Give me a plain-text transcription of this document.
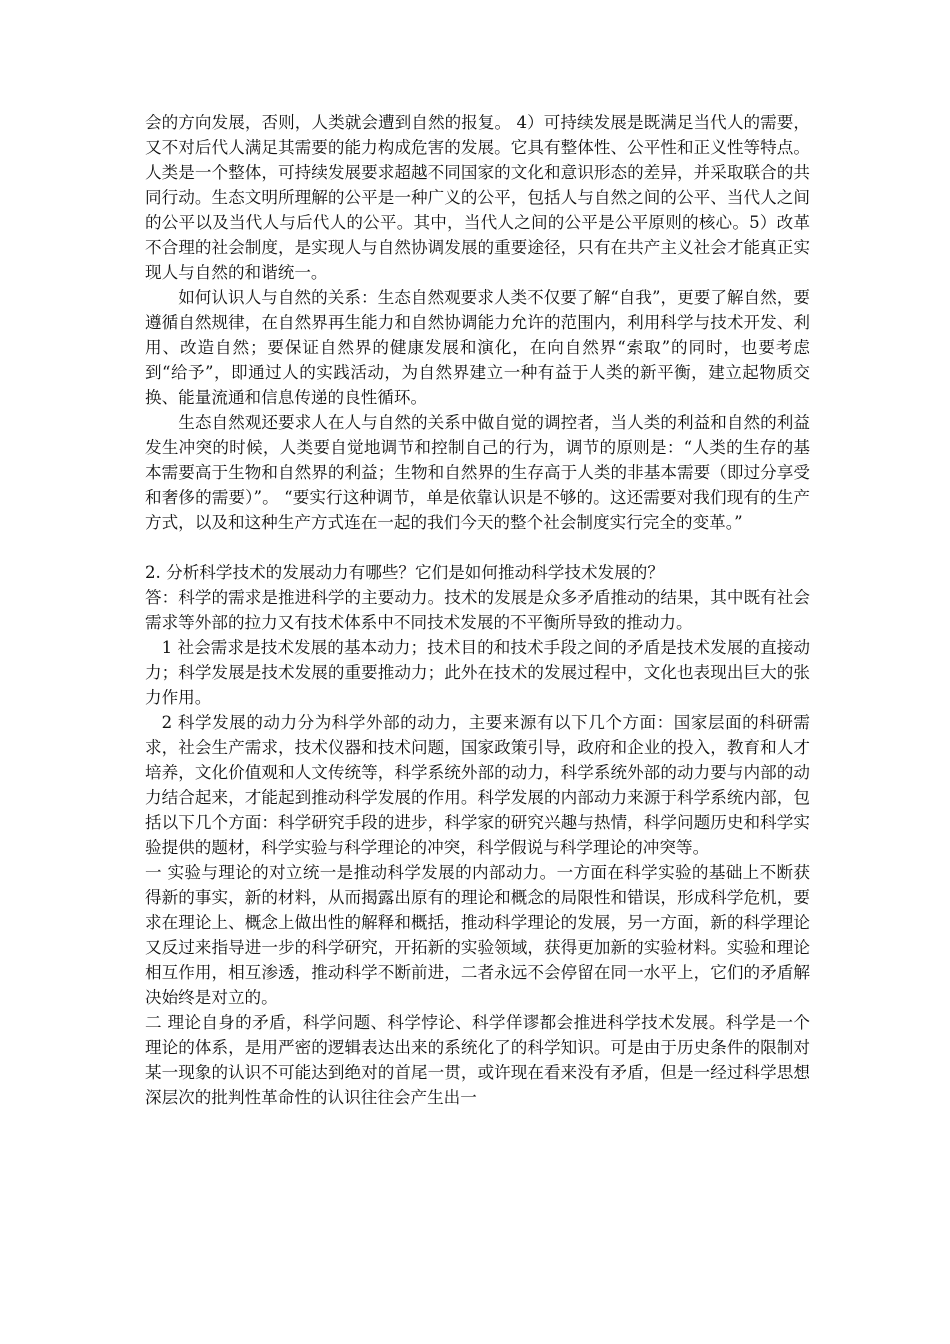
会的方向发展，否则，人类就会遭到自然的报复。 4）可持续发展是既满足当代人的需要，又不对后代人满足其需要的能力构成危害的发展。它具有整体性、公平性和正义性等特点。人类是一个整体，可持续发展要求超越不同国家的文化和意识形态的差异，并采取联合的共同行动。生态文明所理解的公平是一种广义的公平，包括人与自然之间的公平、当代人之间的公平以及当代人与后代人的公平。其中，当代人之间的公平是公平原则的核心。5）改革不合理的社会制度，是实现人与自然协调发展的重要途径，只有在共产主义社会才能真正实现人与自然的和谐统一。

如何认识人与自然的关系：生态自然观要求人类不仅要了解“自我”，更要了解自然，要遵循自然规律，在自然界再生能力和自然协调能力允许的范围内，利用科学与技术开发、利用、改造自然；要保证自然界的健康发展和演化，在向自然界“索取”的同时，也要考虑到“给予”，即通过人的实践活动，为自然界建立一种有益于人类的新平衡，建立起物质交换、能量流通和信息传递的良性循环。

生态自然观还要求人在人与自然的关系中做自觉的调控者，当人类的利益和自然的利益发生冲突的时候，人类要自觉地调节和控制自己的行为，调节的原则是：“人类的生存的基本需要高于生物和自然界的利益；生物和自然界的生存高于人类的非基本需要（即过分享受和奢侈的需要）”。 “要实行这种调节，单是依靠认识是不够的。这还需要对我们现有的生产方式，以及和这种生产方式连在一起的我们今天的整个社会制度实行完全的变革。”

2. 分析科学技术的发展动力有哪些？它们是如何推动科学技术发展的？

答：科学的需求是推进科学的主要动力。技术的发展是众多矛盾推动的结果，其中既有社会需求等外部的拉力又有技术体系中不同技术发展的不平衡所导致的推动力。

1 社会需求是技术发展的基本动力；技术目的和技术手段之间的矛盾是技术发展的直接动力；科学发展是技术发展的重要推动力；此外在技术的发展过程中，文化也表现出巨大的张力作用。

2 科学发展的动力分为科学外部的动力，主要来源有以下几个方面：国家层面的科研需求，社会生产需求，技术仪器和技术问题，国家政策引导，政府和企业的投入，教育和人才培养，文化价值观和人文传统等，科学系统外部的动力，科学系统外部的动力要与内部的动力结合起来，才能起到推动科学发展的作用。科学发展的内部动力来源于科学系统内部，包括以下几个方面：科学研究手段的进步，科学家的研究兴趣与热情，科学问题历史和科学实验提供的题材，科学实验与科学理论的冲突，科学假说与科学理论的冲突等。

一 实验与理论的对立统一是推动科学发展的内部动力。一方面在科学实验的基础上不断获得新的事实，新的材料，从而揭露出原有的理论和概念的局限性和错误，形成科学危机，要求在理论上、概念上做出性的解释和概括，推动科学理论的发展，另一方面，新的科学理论又反过来指导进一步的科学研究，开拓新的实验领域，获得更加新的实验材料。实验和理论相互作用，相互渗透，推动科学不断前进，二者永远不会停留在同一水平上，它们的矛盾解决始终是对立的。

二 理论自身的矛盾，科学问题、科学悖论、科学佯谬都会推进科学技术发展。科学是一个理论的体系，是用严密的逻辑表达出来的系统化了的科学知识。可是由于历史条件的限制对某一现象的认识不可能达到绝对的首尾一贯，或许现在看来没有矛盾，但是一经过科学思想深层次的批判性革命性的认识往往会产生出一
